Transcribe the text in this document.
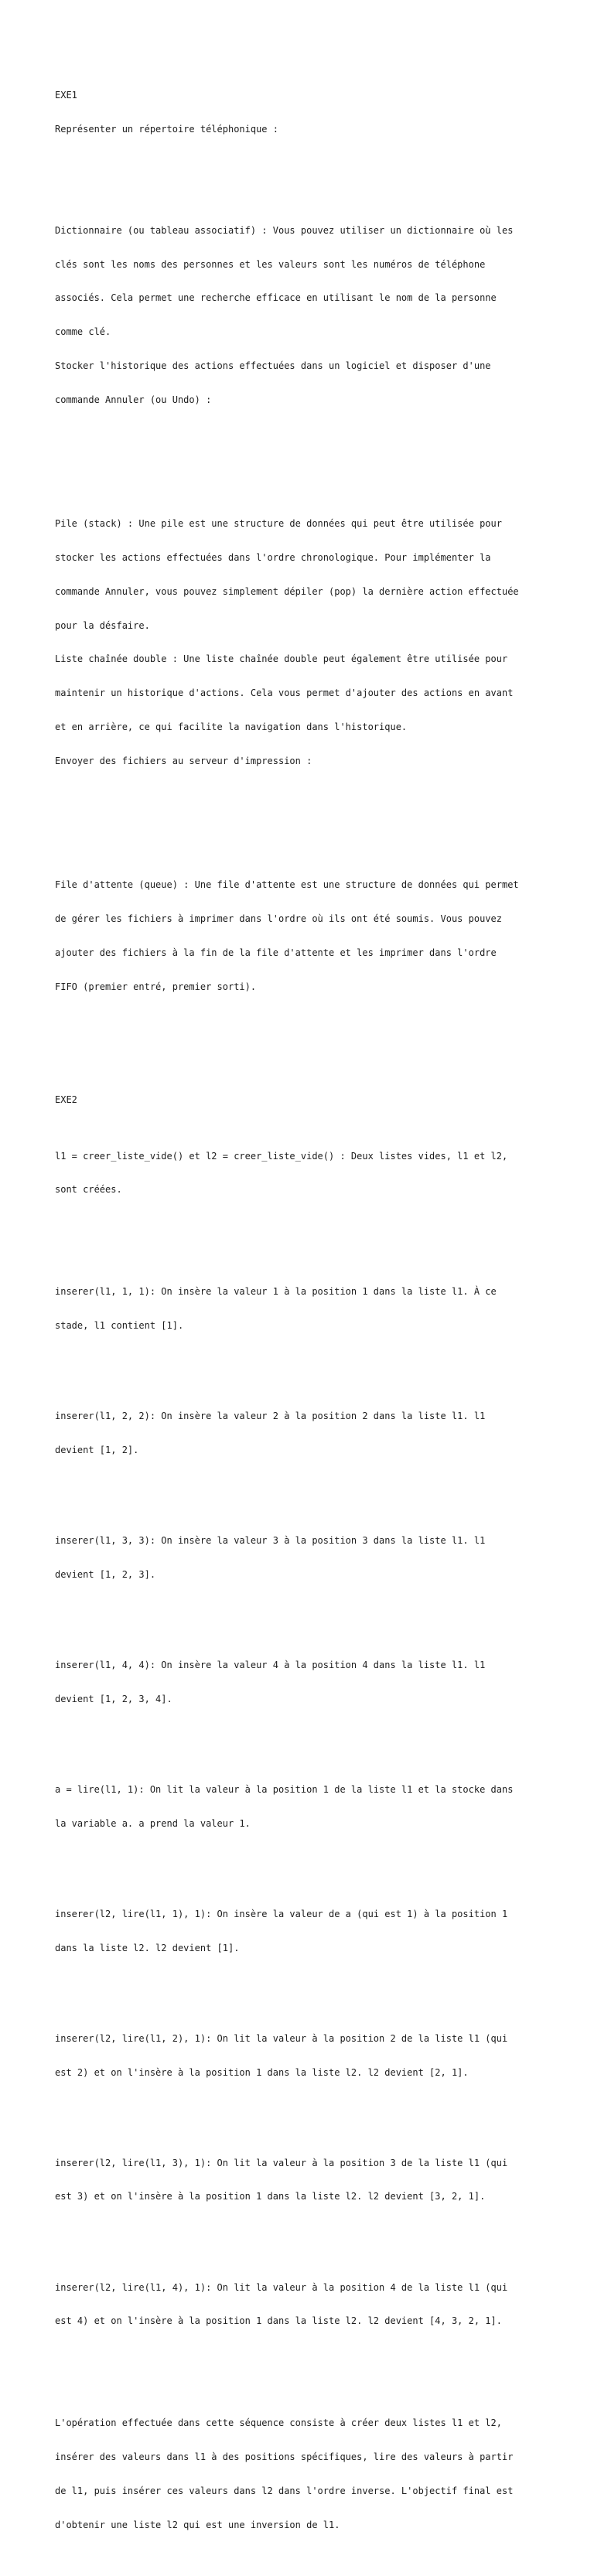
EXE1

Représenter un répertoire téléphonique :

Dictionnaire (ou tableau associatif) : Vous pouvez utiliser un dictionnaire où les

clés sont les noms des personnes et les valeurs sont les numéros de téléphone

associés. Cela permet une recherche efficace en utilisant le nom de la personne

comme clé.

Stocker l'historique des actions effectuées dans un logiciel et disposer d'une

commande Annuler (ou Undo) :

Pile (stack) : Une pile est une structure de données qui peut être utilisée pour

stocker les actions effectuées dans l'ordre chronologique. Pour implémenter la

commande Annuler, vous pouvez simplement dépiler (pop) la dernière action effectuée

pour la désfaire.

Liste chaînée double : Une liste chaînée double peut également être utilisée pour

maintenir un historique d'actions. Cela vous permet d'ajouter des actions en avant

et en arrière, ce qui facilite la navigation dans l'historique.

Envoyer des fichiers au serveur d'impression :

File d'attente (queue) : Une file d'attente est une structure de données qui permet

de gérer les fichiers à imprimer dans l'ordre où ils ont été soumis. Vous pouvez

ajouter des fichiers à la fin de la file d'attente et les imprimer dans l'ordre

FIFO (premier entré, premier sorti).

EXE2

l1 = creer_liste_vide() et l2 = creer_liste_vide() : Deux listes vides, l1 et l2,

sont créées.

inserer(l1, 1, 1): On insère la valeur 1 à la position 1 dans la liste l1. À ce

stade, l1 contient [1].

inserer(l1, 2, 2): On insère la valeur 2 à la position 2 dans la liste l1. l1

devient [1, 2].

inserer(l1, 3, 3): On insère la valeur 3 à la position 3 dans la liste l1. l1

devient [1, 2, 3].

inserer(l1, 4, 4): On insère la valeur 4 à la position 4 dans la liste l1. l1

devient [1, 2, 3, 4].

a = lire(l1, 1): On lit la valeur à la position 1 de la liste l1 et la stocke dans

la variable a. a prend la valeur 1.

inserer(l2, lire(l1, 1), 1): On insère la valeur de a (qui est 1) à la position 1

dans la liste l2. l2 devient [1].

inserer(l2, lire(l1, 2), 1): On lit la valeur à la position 2 de la liste l1 (qui

est 2) et on l'insère à la position 1 dans la liste l2. l2 devient [2, 1].

inserer(l2, lire(l1, 3), 1): On lit la valeur à la position 3 de la liste l1 (qui

est 3) et on l'insère à la position 1 dans la liste l2. l2 devient [3, 2, 1].

inserer(l2, lire(l1, 4), 1): On lit la valeur à la position 4 de la liste l1 (qui

est 4) et on l'insère à la position 1 dans la liste l2. l2 devient [4, 3, 2, 1].

L'opération effectuée dans cette séquence consiste à créer deux listes l1 et l2,

insérer des valeurs dans l1 à des positions spécifiques, lire des valeurs à partir

de l1, puis insérer ces valeurs dans l2 dans l'ordre inverse. L'objectif final est

d'obtenir une liste l2 qui est une inversion de l1.
